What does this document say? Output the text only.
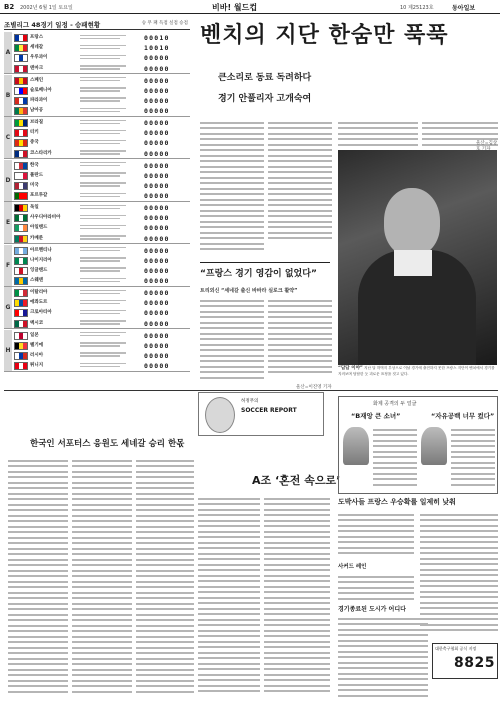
B2 2002년 6월 1일 토요일	비바! 월드컵	10 제25123호	동아일보
조별리그 48경기 일정 - 승패현황	승 무 패 득점 실점 승점
A
프랑스	00010
세네갈	10010
우루과이	00000
덴마크	00000
B
스페인	00000
슬로베니아	00000
파라과이	00000
남아공	00000
C
브라질	00000
터키	00000
중국	00000
코스타리카	00000
D
한국	00000
폴란드	00000
미국	00000
포르투갈	00000
E
독일	00000
사우디아라비아	00000
아일랜드	00000
카메룬	00000
F
아르헨티나	00000
나이지리아	00000
잉글랜드	00000
스웨덴	00000
G
이탈리아	00000
에콰도르	00000
크로아티아	00000
멕시코	00000
H
일본	00000
벨기에	00000
러시아	00000
튀니지	00000
벤치의 지단 한숨만 푹푹
큰소리로 동료 독려하다
경기 안풀리자 고개숙여
울산=김상
“답답 이야” 지난 달 허벅지 부상으로 이날 경기에 출전하지 못한 프랑스 지단이 벤치에서 경기를 지켜보며 답답한 듯 괴로운 표정을 짓고 있다.
“프랑스 경기 영감이 없었다”
트리외신 “세네갈 출신 바바라 실로크 활약”
울산=이진영 기자
허정무의
SOCCER REPORT
한국인 서포터스 응원도 세네갈 승리 한몫
A조 ‘혼전 속으로’
화제 공격의 두 얼굴
“B재앙 큰 소녀”	“자유공백 너무 컸다”
도박사들 프랑스 우승확률 일제히 낮춰
사커드 레인
경기종료된 도시가 어디다
대한축구협회 공식 지정
8825
